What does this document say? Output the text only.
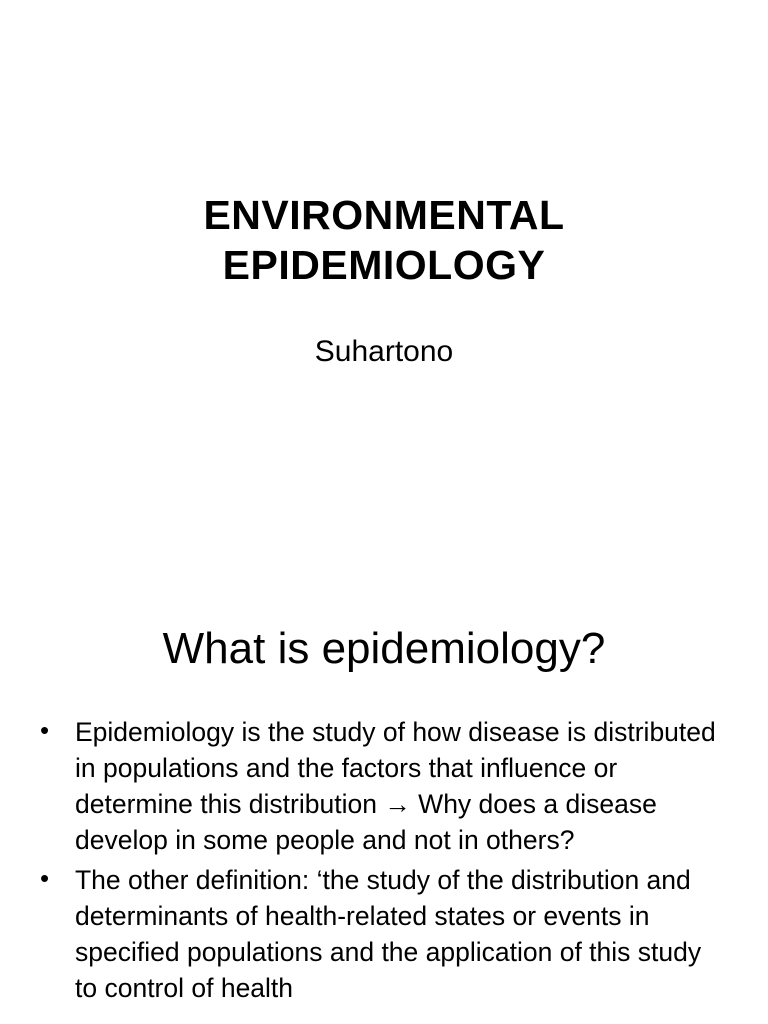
ENVIRONMENTAL
EPIDEMIOLOGY
Suhartono
What is epidemiology?
• Epidemiology is the study of how disease is distributed in populations and the factors that influence or determine this distribution → Why does a disease develop in some people and not in others?
• The other definition: ‘the study of the distribution and determinants of health-related states or events in specified populations and the application of this study to control of health
